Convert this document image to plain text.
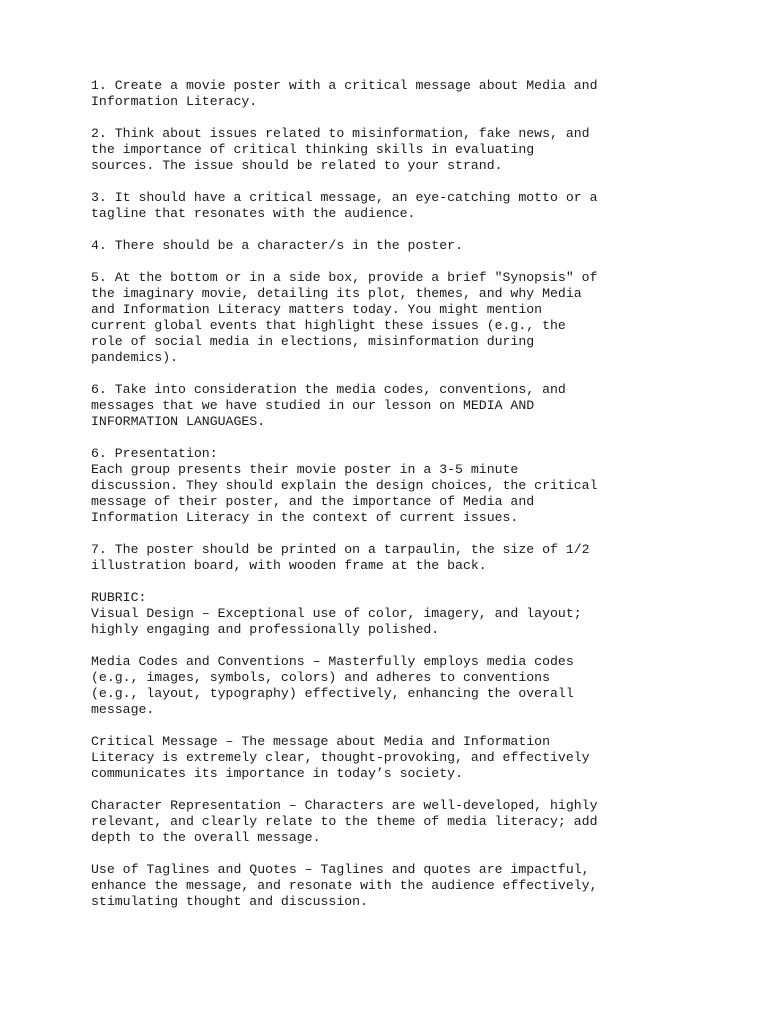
1. Create a movie poster with a critical message about Media and
Information Literacy.
2. Think about issues related to misinformation, fake news, and
the importance of critical thinking skills in evaluating
sources. The issue should be related to your strand.
3. It should have a critical message, an eye-catching motto or a
tagline that resonates with the audience.
4. There should be a character/s in the poster.
5. At the bottom or in a side box, provide a brief "Synopsis" of
the imaginary movie, detailing its plot, themes, and why Media
and Information Literacy matters today. You might mention
current global events that highlight these issues (e.g., the
role of social media in elections, misinformation during
pandemics).
6. Take into consideration the media codes, conventions, and
messages that we have studied in our lesson on MEDIA AND
INFORMATION LANGUAGES.
6. Presentation:
Each group presents their movie poster in a 3-5 minute
discussion. They should explain the design choices, the critical
message of their poster, and the importance of Media and
Information Literacy in the context of current issues.
7. The poster should be printed on a tarpaulin, the size of 1/2
illustration board, with wooden frame at the back.
RUBRIC:
Visual Design – Exceptional use of color, imagery, and layout;
highly engaging and professionally polished.
Media Codes and Conventions – Masterfully employs media codes
(e.g., images, symbols, colors) and adheres to conventions
(e.g., layout, typography) effectively, enhancing the overall
message.
Critical Message – The message about Media and Information
Literacy is extremely clear, thought-provoking, and effectively
communicates its importance in today’s society.
Character Representation – Characters are well-developed, highly
relevant, and clearly relate to the theme of media literacy; add
depth to the overall message.
Use of Taglines and Quotes – Taglines and quotes are impactful,
enhance the message, and resonate with the audience effectively,
stimulating thought and discussion.
